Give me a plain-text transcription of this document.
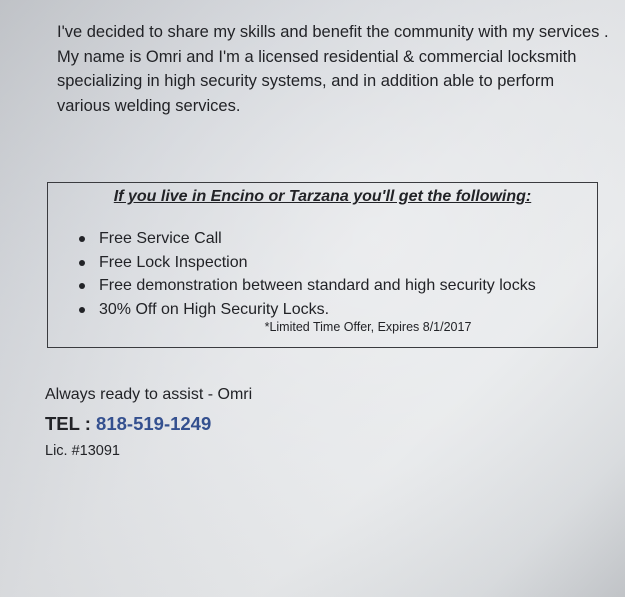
I've decided to share my skills and benefit the community with my services .
My name is Omri and I'm a licensed residential & commercial locksmith
specializing in high security systems, and in addition able to perform
various welding services.

If you live in Encino or Tarzana you'll get the following:

Free Service Call
Free Lock Inspection
Free demonstration between standard and high security locks
30% Off on High Security Locks.
*Limited Time Offer, Expires 8/1/2017

Always ready to assist - Omri

TEL : 818-519-1249

Lic. #13091
